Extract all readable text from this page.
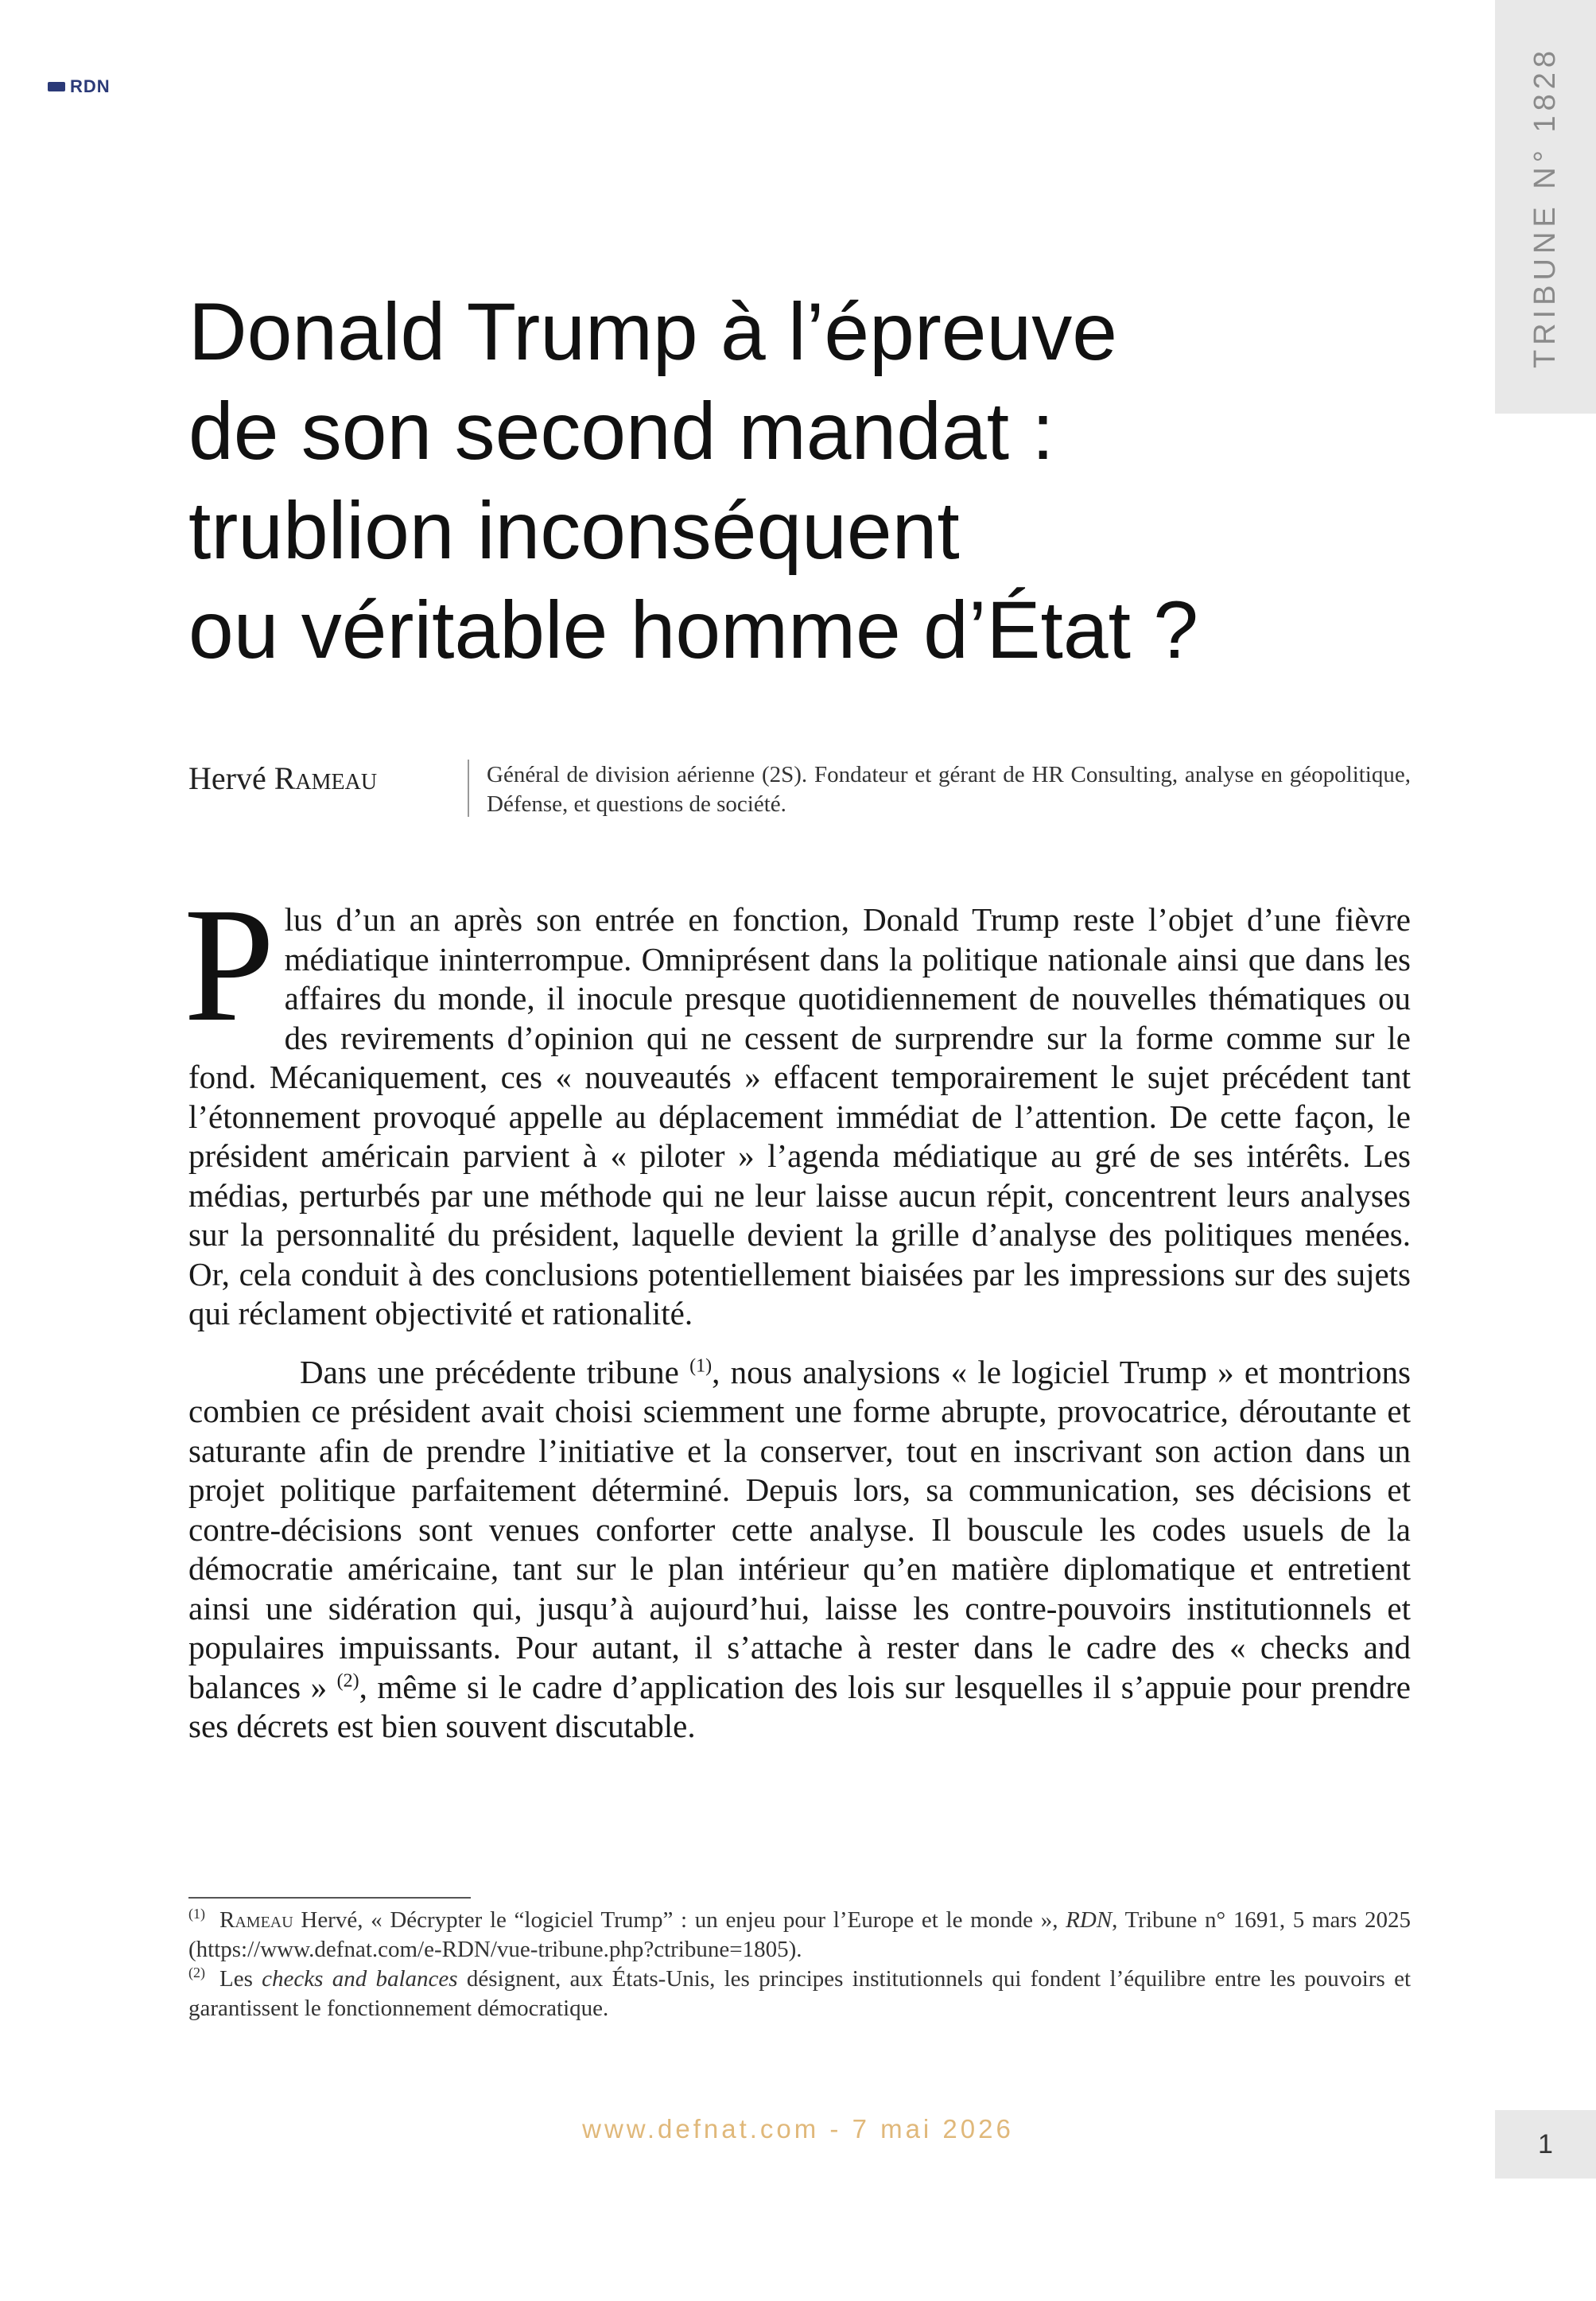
RDN	TRIBUNE N° 1828
Donald Trump à l’épreuve
de son second mandat :
trublion inconséquent
ou véritable homme d’État ?
Hervé Rameau	Général de division aérienne (2S). Fondateur et gérant de HR Consulting, analyse en géopolitique, Défense, et questions de société.

Plus d’un an après son entrée en fonction, Donald Trump reste l’objet d’une fièvre médiatique ininterrompue. Omniprésent dans la politique nationale ainsi que dans les affaires du monde, il inocule presque quotidiennement de nouvelles thématiques ou des revirements d’opinion qui ne cessent de surprendre sur la forme comme sur le fond. Mécaniquement, ces « nouveautés » effacent temporairement le sujet précédent tant l’étonnement provoqué appelle au déplacement immédiat de l’attention. De cette façon, le président américain parvient à « piloter » l’agenda médiatique au gré de ses intérêts. Les médias, perturbés par une méthode qui ne leur laisse aucun répit, concentrent leurs analyses sur la personnalité du président, laquelle devient la grille d’analyse des politiques menées. Or, cela conduit à des conclusions potentiellement biaisées par les impressions sur des sujets qui réclament objectivité et rationalité.

Dans une précédente tribune $^{(1)}$, nous analysions « le logiciel Trump » et montrions combien ce président avait choisi sciemment une forme abrupte, provocatrice, déroutante et saturante afin de prendre l’initiative et la conserver, tout en inscrivant son action dans un projet politique parfaitement déterminé. Depuis lors, sa communication, ses décisions et contre-décisions sont venues conforter cette analyse. Il bouscule les codes usuels de la démocratie américaine, tant sur le plan intérieur qu’en matière diplomatique et entretient ainsi une sidération qui, jusqu’à aujourd’hui, laisse les contre-pouvoirs institutionnels et populaires impuissants. Pour autant, il s’attache à rester dans le cadre des « checks and balances » $^{(2)}$, même si le cadre d’application des lois sur lesquelles il s’appuie pour prendre ses décrets est bien souvent discutable.

$^{(1)}$ Rameau Hervé, « Décrypter le “logiciel Trump” : un enjeu pour l’Europe et le monde », RDN, Tribune n° 1691, 5 mars 2025 (https://www.defnat.com/e-RDN/vue-tribune.php?ctribune=1805).

$^{(2)}$ Les checks and balances désignent, aux États-Unis, les principes institutionnels qui fondent l’équilibre entre les pouvoirs et garantissent le fonctionnement démocratique.

www.defnat.com - 7 mai 2026	1
